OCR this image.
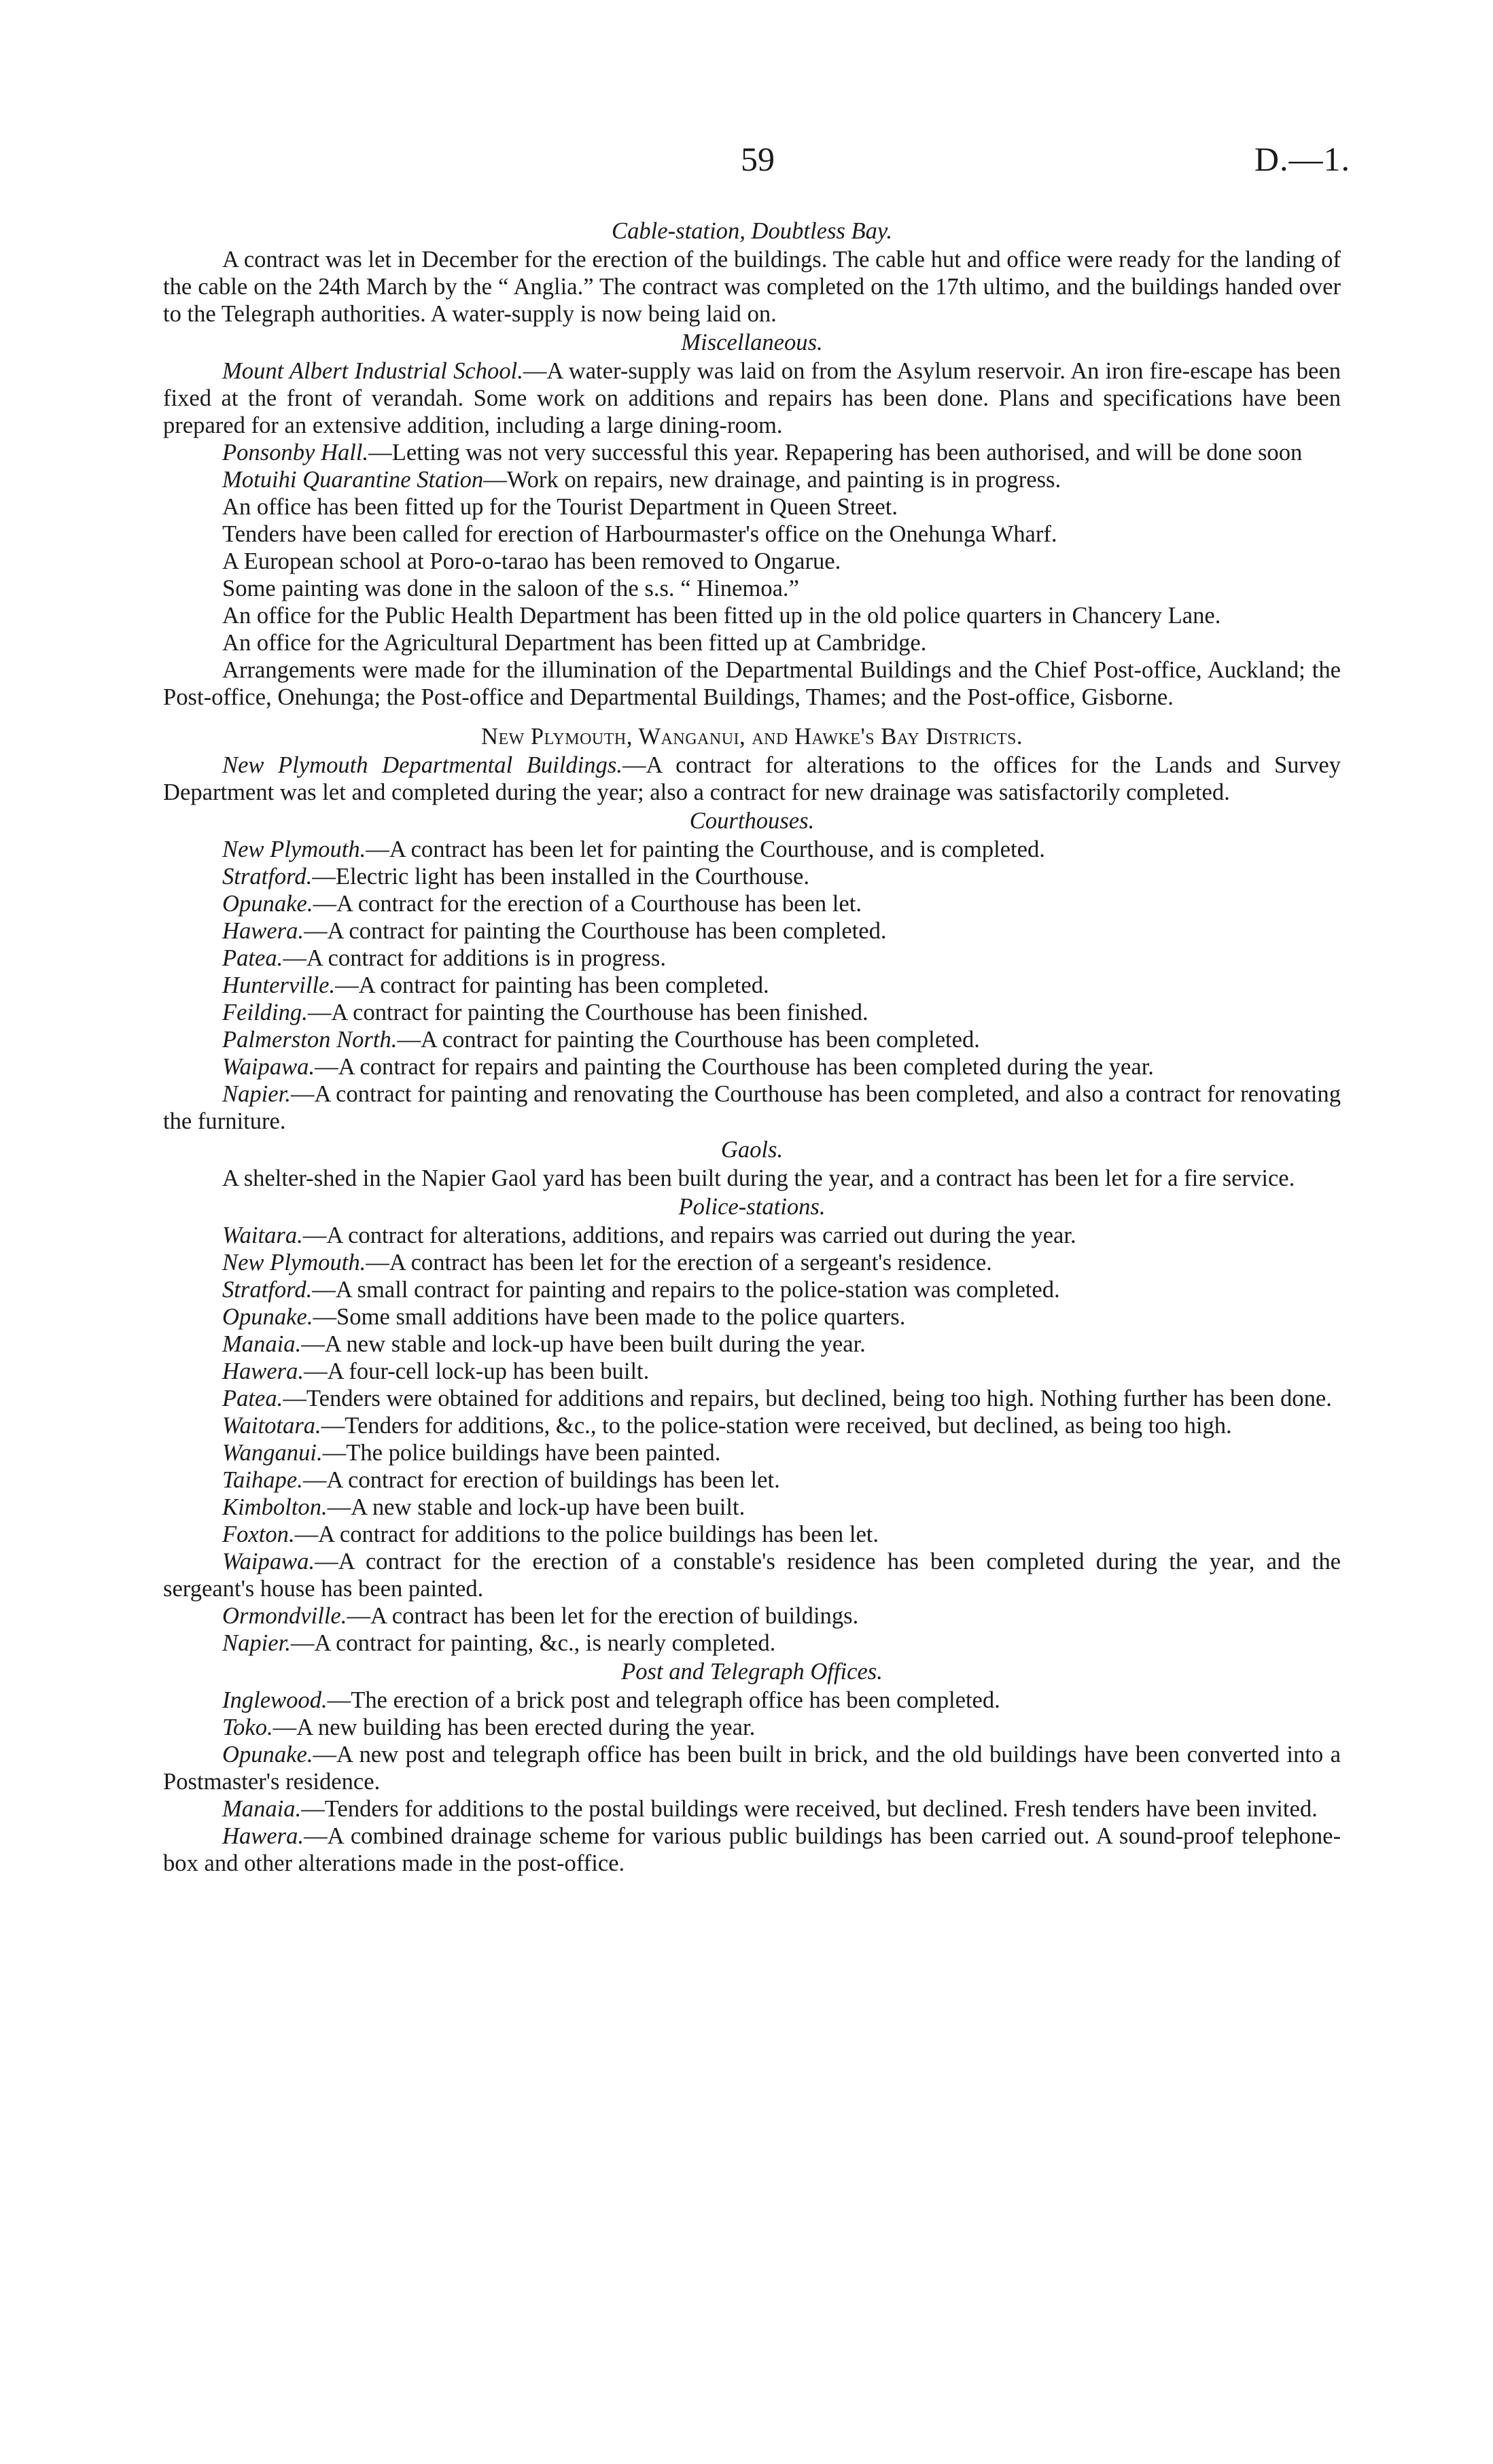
59	D.—1.
Cable-station, Doubtless Bay.

A contract was let in December for the erection of the buildings. The cable hut and office were ready for the landing of the cable on the 24th March by the “ Anglia.” The contract was completed on the 17th ultimo, and the buildings handed over to the Telegraph authorities. A water-supply is now being laid on.

Miscellaneous.

Mount Albert Industrial School.—A water-supply was laid on from the Asylum reservoir. An iron fire-escape has been fixed at the front of verandah. Some work on additions and repairs has been done. Plans and specifications have been prepared for an extensive addition, including a large dining-room.

Ponsonby Hall.—Letting was not very successful this year. Repapering has been authorised, and will be done soon

Motuihi Quarantine Station—Work on repairs, new drainage, and painting is in progress.

An office has been fitted up for the Tourist Department in Queen Street.

Tenders have been called for erection of Harbourmaster's office on the Onehunga Wharf.

A European school at Poro-o-tarao has been removed to Ongarue.

Some painting was done in the saloon of the s.s. “ Hinemoa.”

An office for the Public Health Department has been fitted up in the old police quarters in Chancery Lane.

An office for the Agricultural Department has been fitted up at Cambridge.

Arrangements were made for the illumination of the Departmental Buildings and the Chief Post-office, Auckland; the Post-office, Onehunga; the Post-office and Departmental Buildings, Thames; and the Post-office, Gisborne.

New Plymouth, Wanganui, and Hawke's Bay Districts.

New Plymouth Departmental Buildings.—A contract for alterations to the offices for the Lands and Survey Department was let and completed during the year; also a contract for new drainage was satisfactorily completed.

Courthouses.

New Plymouth.—A contract has been let for painting the Courthouse, and is completed.

Stratford.—Electric light has been installed in the Courthouse.

Opunake.—A contract for the erection of a Courthouse has been let.

Hawera.—A contract for painting the Courthouse has been completed.

Patea.—A contract for additions is in progress.

Hunterville.—A contract for painting has been completed.

Feilding.—A contract for painting the Courthouse has been finished.

Palmerston North.—A contract for painting the Courthouse has been completed.

Waipawa.—A contract for repairs and painting the Courthouse has been completed during the year.

Napier.—A contract for painting and renovating the Courthouse has been completed, and also a contract for renovating the furniture.

Gaols.

A shelter-shed in the Napier Gaol yard has been built during the year, and a contract has been let for a fire service.

Police-stations.

Waitara.—A contract for alterations, additions, and repairs was carried out during the year.

New Plymouth.—A contract has been let for the erection of a sergeant's residence.

Stratford.—A small contract for painting and repairs to the police-station was completed.

Opunake.—Some small additions have been made to the police quarters.

Manaia.—A new stable and lock-up have been built during the year.

Hawera.—A four-cell lock-up has been built.

Patea.—Tenders were obtained for additions and repairs, but declined, being too high. Nothing further has been done.

Waitotara.—Tenders for additions, &c., to the police-station were received, but declined, as being too high.

Wanganui.—The police buildings have been painted.

Taihape.—A contract for erection of buildings has been let.

Kimbolton.—A new stable and lock-up have been built.

Foxton.—A contract for additions to the police buildings has been let.

Waipawa.—A contract for the erection of a constable's residence has been completed during the year, and the sergeant's house has been painted.

Ormondville.—A contract has been let for the erection of buildings.

Napier.—A contract for painting, &c., is nearly completed.

Post and Telegraph Offices.

Inglewood.—The erection of a brick post and telegraph office has been completed.

Toko.—A new building has been erected during the year.

Opunake.—A new post and telegraph office has been built in brick, and the old buildings have been converted into a Postmaster's residence.

Manaia.—Tenders for additions to the postal buildings were received, but declined. Fresh tenders have been invited.

Hawera.—A combined drainage scheme for various public buildings has been carried out. A sound-proof telephone-box and other alterations made in the post-office.
